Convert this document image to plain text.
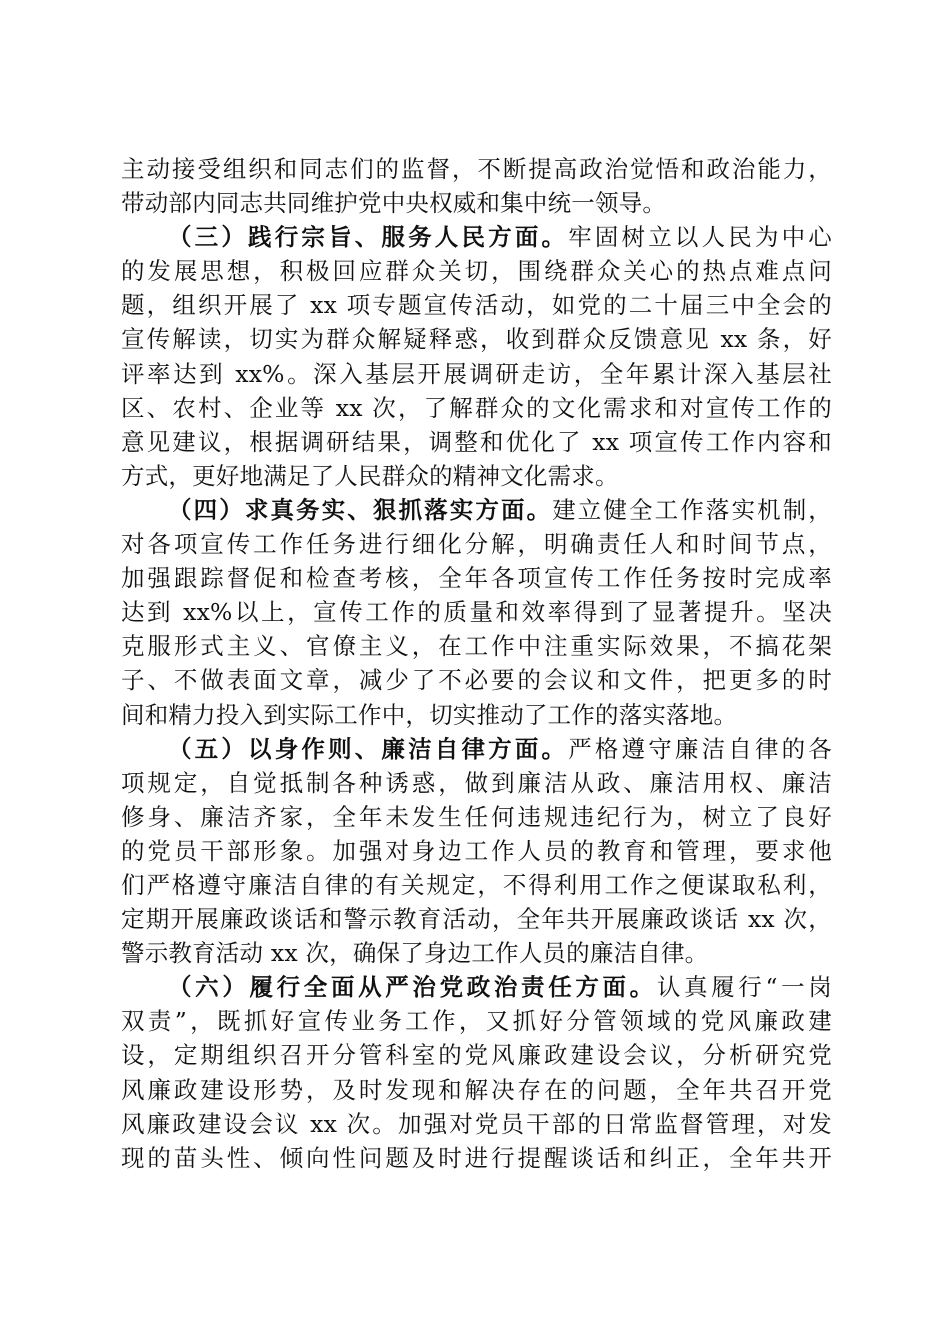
主动接受组织和同志们的监督，不断提高政治觉悟和政治能力，
带动部内同志共同维护党中央权威和集中统一领导。

（三）践行宗旨、服务人民方面。牢固树立以人民为中心
的发展思想，积极回应群众关切，围绕群众关心的热点难点问
题，组织开展了 xx 项专题宣传活动，如党的二十届三中全会的
宣传解读，切实为群众解疑释惑，收到群众反馈意见 xx 条，好
评率达到 xx%。深入基层开展调研走访，全年累计深入基层社
区、农村、企业等 xx 次，了解群众的文化需求和对宣传工作的
意见建议，根据调研结果，调整和优化了 xx 项宣传工作内容和
方式，更好地满足了人民群众的精神文化需求。

（四）求真务实、狠抓落实方面。建立健全工作落实机制，
对各项宣传工作任务进行细化分解，明确责任人和时间节点，
加强跟踪督促和检查考核，全年各项宣传工作任务按时完成率
达到 xx%以上，宣传工作的质量和效率得到了显著提升。坚决
克服形式主义、官僚主义，在工作中注重实际效果，不搞花架
子、不做表面文章，减少了不必要的会议和文件，把更多的时
间和精力投入到实际工作中，切实推动了工作的落实落地。

（五）以身作则、廉洁自律方面。严格遵守廉洁自律的各
项规定，自觉抵制各种诱惑，做到廉洁从政、廉洁用权、廉洁
修身、廉洁齐家，全年未发生任何违规违纪行为，树立了良好
的党员干部形象。加强对身边工作人员的教育和管理，要求他
们严格遵守廉洁自律的有关规定，不得利用工作之便谋取私利，
定期开展廉政谈话和警示教育活动，全年共开展廉政谈话 xx 次，
警示教育活动 xx 次，确保了身边工作人员的廉洁自律。

（六）履行全面从严治党政治责任方面。认真履行“一岗
双责”，既抓好宣传业务工作，又抓好分管领域的党风廉政建
设，定期组织召开分管科室的党风廉政建设会议，分析研究党
风廉政建设形势，及时发现和解决存在的问题，全年共召开党
风廉政建设会议 xx 次。加强对党员干部的日常监督管理，对发
现的苗头性、倾向性问题及时进行提醒谈话和纠正，全年共开
